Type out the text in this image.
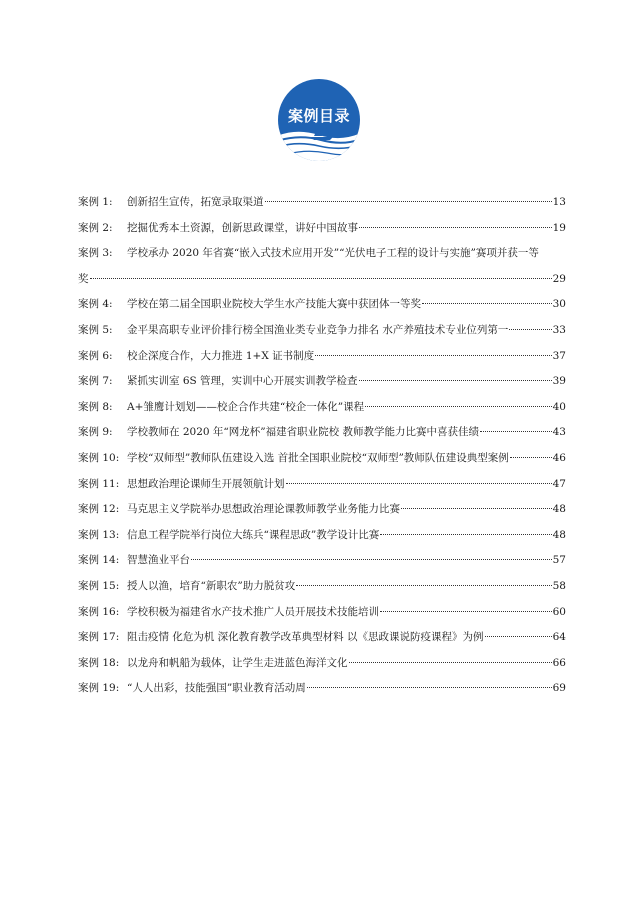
案例目录
案例 1:	创新招生宣传，拓宽录取渠道	13
案例 2:	挖掘优秀本土资源，创新思政课堂，讲好中国故事	19
案例 3:	学校承办 2020 年省赛“嵌入式技术应用开发”“光伏电子工程的设计与实施”赛项并获一等
奖	29
案例 4:	学校在第二届全国职业院校大学生水产技能大赛中获团体一等奖	30
案例 5:	金平果高职专业评价排行榜全国渔业类专业竞争力排名 水产养殖技术专业位列第一	33
案例 6:	校企深度合作，大力推进 1+X 证书制度	37
案例 7:	紧抓实训室 6S 管理，实训中心开展实训教学检查	39
案例 8:	A+雏鹰计划划——校企合作共建“校企一体化”课程	40
案例 9:	学校教师在 2020 年“网龙杯”福建省职业院校 教师教学能力比赛中喜获佳绩	43
案例 10: 学校“双师型”教师队伍建设入选 首批全国职业院校“双师型”教师队伍建设典型案例	46
案例 11: 思想政治理论课师生开展领航计划	47
案例 12: 马克思主义学院举办思想政治理论课教师教学业务能力比赛	48
案例 13: 信息工程学院举行岗位大练兵“课程思政”教学设计比赛	48
案例 14: 智慧渔业平台	57
案例 15: 授人以渔，培育“新职农”助力脱贫攻	58
案例 16: 学校积极为福建省水产技术推广人员开展技术技能培训	60
案例 17: 阻击疫情 化危为机 深化教育教学改革典型材料 以《思政课说防疫课程》为例	64
案例 18: 以龙舟和帆船为载体，让学生走进蓝色海洋文化	66
案例 19: “人人出彩，技能强国”职业教育活动周	69
